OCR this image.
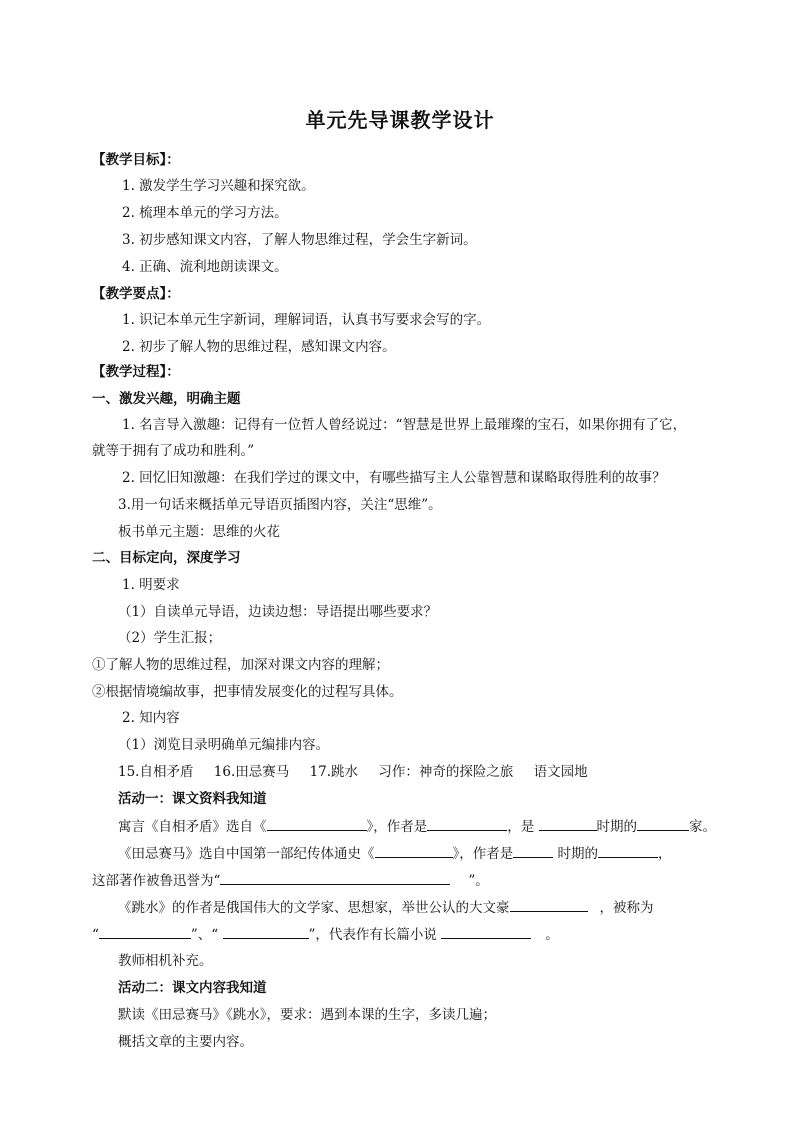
单元先导课教学设计
【教学目标】：
1. 激发学生学习兴趣和探究欲。
2. 梳理本单元的学习方法。
3. 初步感知课文内容，了解人物思维过程，学会生字新词。
4. 正确、流利地朗读课文。
【教学要点】：
1. 识记本单元生字新词，理解词语，认真书写要求会写的字。
2. 初步了解人物的思维过程，感知课文内容。
【教学过程】：
一、激发兴趣，明确主题
1. 名言导入激趣：记得有一位哲人曾经说过：“智慧是世界上最璀璨的宝石，如果你拥有了它，
就等于拥有了成功和胜利。”
2. 回忆旧知激趣：在我们学过的课文中，有哪些描写主人公靠智慧和谋略取得胜利的故事？
3.用一句话来概括单元导语页插图内容，关注“思维”。
板书单元主题：思维的火花
二、目标定向，深度学习
1. 明要求
（1）自读单元导语，边读边想：导语提出哪些要求？
（2）学生汇报；
①了解人物的思维过程，加深对课文内容的理解；
②根据情境编故事，把事情发展变化的过程写具体。
2. 知内容
（1）浏览目录明确单元编排内容。
15.自相矛盾 16.田忌赛马 17.跳水 习作：神奇的探险之旅 语文园地
活动一：课文资料我知道
寓言《自相矛盾》选自《	》，作者是	，是	时期的	家。
《田忌赛马》选自中国第一部纪传体通史《	》，作者是	时期的	，
这部著作被鲁迅誉为“	”。
《跳水》的作者是俄国伟大的文学家、思想家，举世公认的大文豪	，被称为
“	”、“	”，代表作有长篇小说	。
教师相机补充。
活动二：课文内容我知道
默读《田忌赛马》《跳水》，要求：遇到本课的生字，多读几遍；
概括文章的主要内容。
